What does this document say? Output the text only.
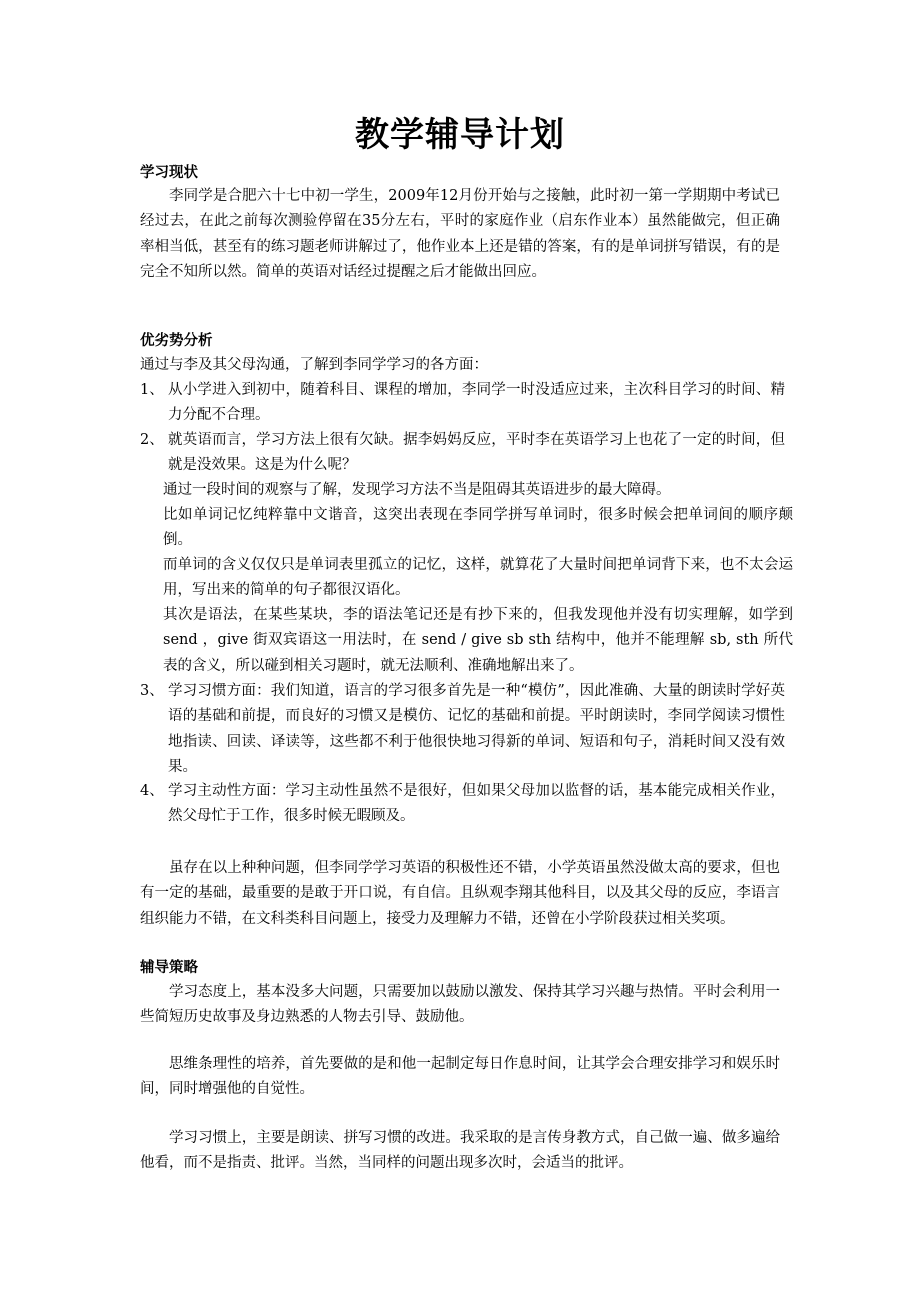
教学辅导计划
学习现状
李同学是合肥六十七中初一学生，2009年12月份开始与之接触，此时初一第一学期期中考试已经过去，在此之前每次测验停留在35分左右，平时的家庭作业（启东作业本）虽然能做完，但正确率相当低，甚至有的练习题老师讲解过了，他作业本上还是错的答案，有的是单词拼写错误，有的是完全不知所以然。简单的英语对话经过提醒之后才能做出回应。
优劣势分析
通过与李及其父母沟通，了解到李同学学习的各方面：
1、 从小学进入到初中，随着科目、课程的增加，李同学一时没适应过来，主次科目学习的时间、精力分配不合理。
2、 就英语而言，学习方法上很有欠缺。据李妈妈反应，平时李在英语学习上也花了一定的时间，但就是没效果。这是为什么呢？
通过一段时间的观察与了解，发现学习方法不当是阻碍其英语进步的最大障碍。
比如单词记忆纯粹靠中文谐音，这突出表现在李同学拼写单词时，很多时候会把单词间的顺序颠倒。
而单词的含义仅仅只是单词表里孤立的记忆，这样，就算花了大量时间把单词背下来，也不太会运用，写出来的简单的句子都很汉语化。
其次是语法，在某些某块，李的语法笔记还是有抄下来的，但我发现他并没有切实理解，如学到 send ，give 街双宾语这一用法时，在 send / give sb sth 结构中，他并不能理解 sb, sth 所代表的含义，所以碰到相关习题时，就无法顺利、准确地解出来了。
3、 学习习惯方面：我们知道，语言的学习很多首先是一种“模仿”，因此准确、大量的朗读时学好英语的基础和前提，而良好的习惯又是模仿、记忆的基础和前提。平时朗读时，李同学阅读习惯性地指读、回读、译读等，这些都不利于他很快地习得新的单词、短语和句子，消耗时间又没有效果。
4、 学习主动性方面：学习主动性虽然不是很好，但如果父母加以监督的话，基本能完成相关作业，然父母忙于工作，很多时候无暇顾及。
虽存在以上种种问题，但李同学学习英语的积极性还不错，小学英语虽然没做太高的要求，但也有一定的基础，最重要的是敢于开口说，有自信。且纵观李翔其他科目，以及其父母的反应，李语言组织能力不错，在文科类科目问题上，接受力及理解力不错，还曾在小学阶段获过相关奖项。
辅导策略
学习态度上，基本没多大问题，只需要加以鼓励以激发、保持其学习兴趣与热情。平时会利用一些简短历史故事及身边熟悉的人物去引导、鼓励他。
思维条理性的培养，首先要做的是和他一起制定每日作息时间，让其学会合理安排学习和娱乐时间，同时增强他的自觉性。
学习习惯上，主要是朗读、拼写习惯的改进。我采取的是言传身教方式，自己做一遍、做多遍给他看，而不是指责、批评。当然，当同样的问题出现多次时，会适当的批评。
